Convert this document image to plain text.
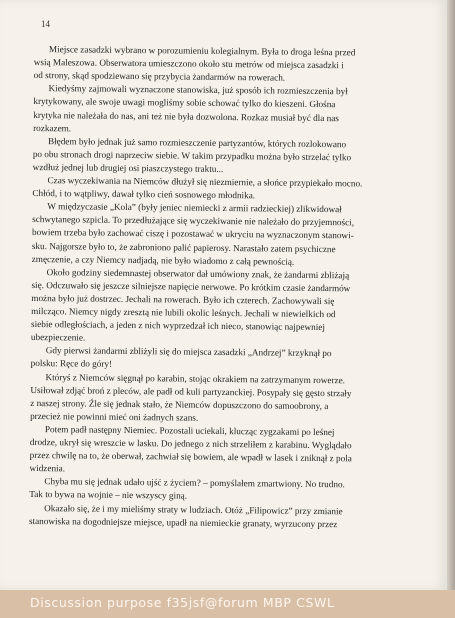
14
Miejsce zasadzki wybrano w porozumieniu kolegialnym. Była to droga leśna przed
wsią Maleszowa. Obserwatora umieszczono około stu metrów od miejsca zasadzki i
od strony, skąd spodziewano się przybycia żandarmów na rowerach.
Kiedyśmy zajmowali wyznaczone stanowiska, już sposób ich rozmieszczenia był
krytykowany, ale swoje uwagi mogliśmy sobie schować tylko do kieszeni. Głośna
krytyka nie należała do nas, ani też nie była dozwolona. Rozkaz musiał być dla nas
rozkazem.
Błędem było jednak już samo rozmieszczenie partyzantów, których rozlokowano
po obu stronach drogi naprzeciw siebie. W takim przypadku można było strzelać tylko
wzdłuż jednej lub drugiej osi piaszczystego traktu...
Czas wyczekiwania na Niemców dłużył się niezmiernie, a słońce przypiekało mocno.
Chłód, i to wątpliwy, dawał tylko cień sosnowego młodnika.
W międzyczasie „Kola” (były jeniec niemiecki z armii radzieckiej) zlikwidował
schwytanego szpicla. To przedłużające się wyczekiwanie nie należało do przyjemności,
bowiem trzeba było zachować ciszę i pozostawać w ukryciu na wyznaczonym stanowi-
sku. Najgorsze było to, że zabroniono palić papierosy. Narastało zatem psychiczne
zmęczenie, a czy Niemcy nadjadą, nie było wiadomo z całą pewnością.
Około godziny siedemnastej obserwator dał umówiony znak, że żandarmi zbliżają
się. Odczuwało się jeszcze silniejsze napięcie nerwowe. Po krótkim czasie żandarmów
można było już dostrzec. Jechali na rowerach. Było ich czterech. Zachowywali się
milcząco. Niemcy nigdy zresztą nie lubili okolic leśnych. Jechali w niewielkich od
siebie odległościach, a jeden z nich wyprzedzał ich nieco, stanowiąc najpewniej
ubezpieczenie.
Gdy pierwsi żandarmi zbliżyli się do miejsca zasadzki „Andrzej” krzyknął po
polsku: Ręce do góry!
Któryś z Niemców sięgnął po karabin, stojąc okrakiem na zatrzymanym rowerze.
Usiłował zdjąć broń z pleców, ale padł od kuli partyzanckiej. Posypały się gęsto strzały
z naszej strony. Źle się jednak stało, że Niemców dopuszczono do samoobrony, a
przecież nie powinni mieć oni żadnych szans.
Potem padł następny Niemiec. Pozostali uciekali, klucząc zygzakami po leśnej
drodze, ukrył się wreszcie w lasku. Do jednego z nich strzeliłem z karabinu. Wyglądało
przez chwilę na to, że oberwał, zachwiał się bowiem, ale wpadł w lasek i zniknął z pola
widzenia.
Chyba mu się jednak udało ujść z życiem? – pomyślałem zmartwiony. No trudno.
Tak to bywa na wojnie – nie wszyscy giną.
Okazało się, że i my mieliśmy straty w ludziach. Otóż „Filipowicz” przy zmianie
stanowiska na dogodniejsze miejsce, upadł na niemieckie granaty, wyrzucony przez
Discussion purpose f35jsf@forum MBP CSWL
